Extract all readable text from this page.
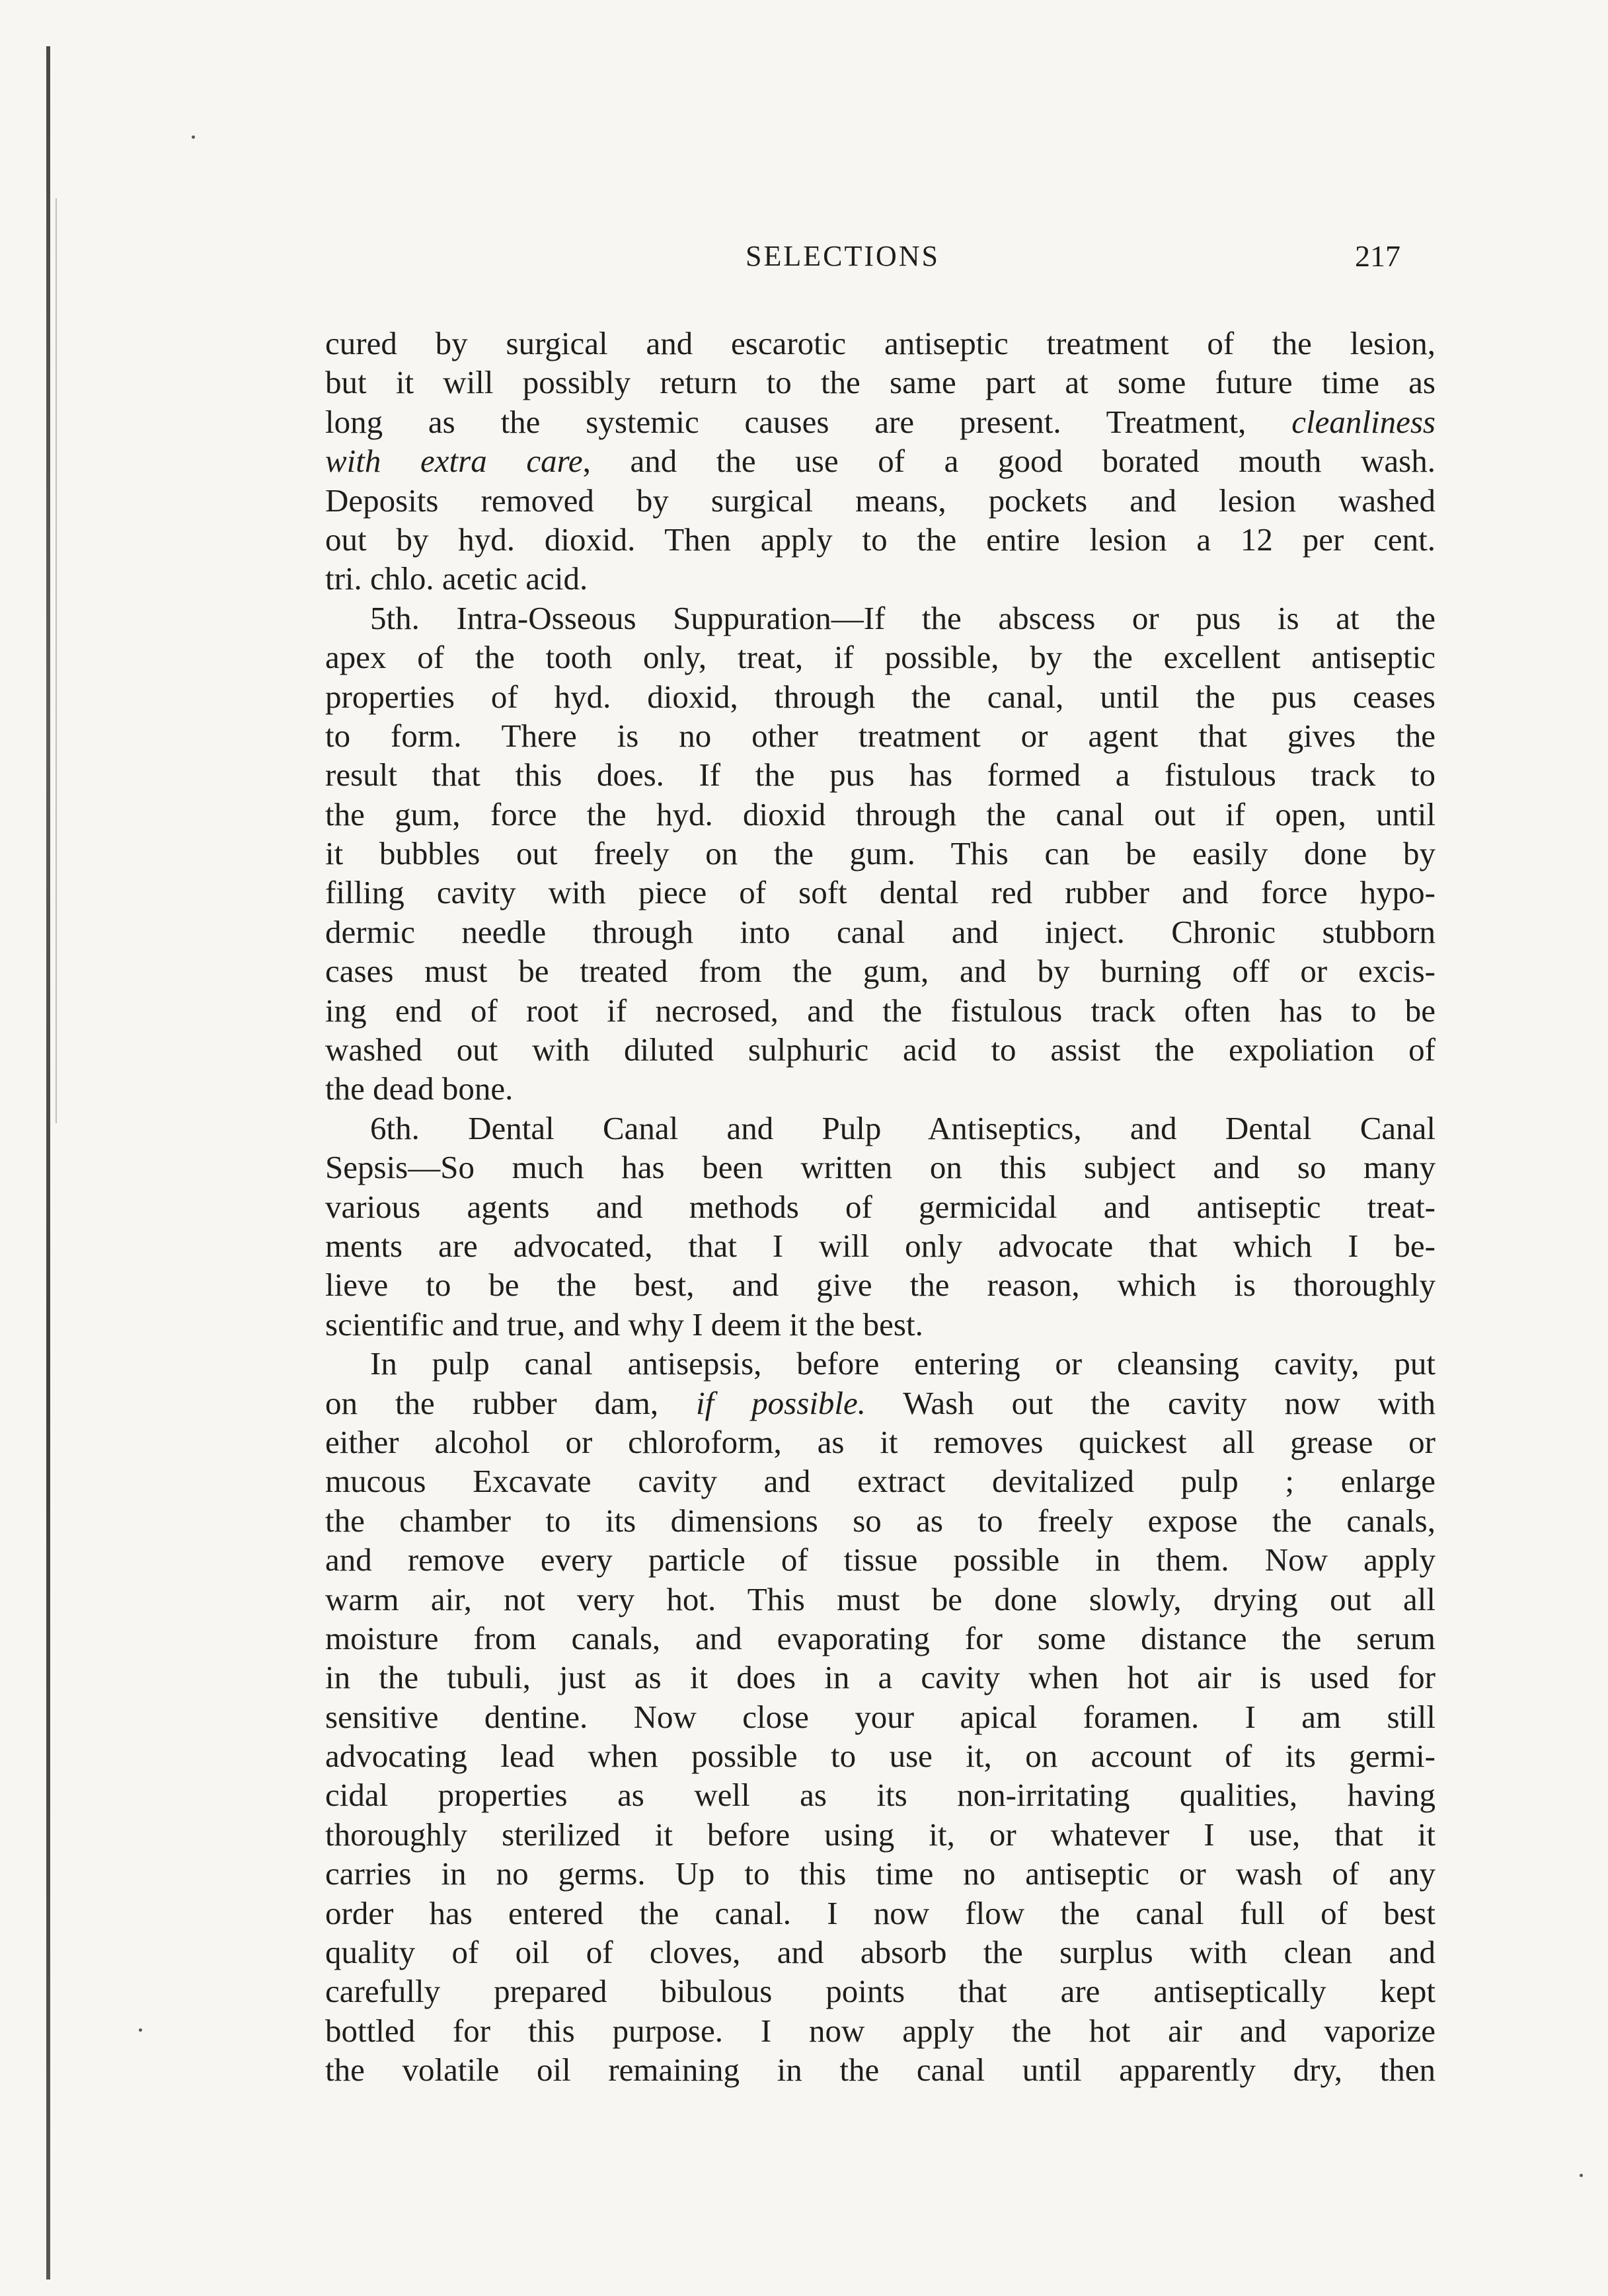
SELECTIONS	217
cured by surgical and escarotic antiseptic treatment of the lesion,
but it will possibly return to the same part at some future time as
long as the systemic causes are present. Treatment, cleanliness
with extra care, and the use of a good borated mouth wash.
Deposits removed by surgical means, pockets and lesion washed
out by hyd. dioxid. Then apply to the entire lesion a 12 per cent.
tri. chlo. acetic acid.
5th. Intra-Osseous Suppuration—If the abscess or pus is at the
apex of the tooth only, treat, if possible, by the excellent antiseptic
properties of hyd. dioxid, through the canal, until the pus ceases
to form. There is no other treatment or agent that gives the
result that this does. If the pus has formed a fistulous track to
the gum, force the hyd. dioxid through the canal out if open, until
it bubbles out freely on the gum. This can be easily done by
filling cavity with piece of soft dental red rubber and force hypo-
dermic needle through into canal and inject. Chronic stubborn
cases must be treated from the gum, and by burning off or excis-
ing end of root if necrosed, and the fistulous track often has to be
washed out with diluted sulphuric acid to assist the expoliation of
the dead bone.
6th. Dental Canal and Pulp Antiseptics, and Dental Canal
Sepsis—So much has been written on this subject and so many
various agents and methods of germicidal and antiseptic treat-
ments are advocated, that I will only advocate that which I be-
lieve to be the best, and give the reason, which is thoroughly
scientific and true, and why I deem it the best.
In pulp canal antisepsis, before entering or cleansing cavity, put
on the rubber dam, if possible. Wash out the cavity now with
either alcohol or chloroform, as it removes quickest all grease or
mucous Excavate cavity and extract devitalized pulp ; enlarge
the chamber to its dimensions so as to freely expose the canals,
and remove every particle of tissue possible in them. Now apply
warm air, not very hot. This must be done slowly, drying out all
moisture from canals, and evaporating for some distance the serum
in the tubuli, just as it does in a cavity when hot air is used for
sensitive dentine. Now close your apical foramen. I am still
advocating lead when possible to use it, on account of its germi-
cidal properties as well as its non-irritating qualities, having
thoroughly sterilized it before using it, or whatever I use, that it
carries in no germs. Up to this time no antiseptic or wash of any
order has entered the canal. I now flow the canal full of best
quality of oil of cloves, and absorb the surplus with clean and
carefully prepared bibulous points that are antiseptically kept
bottled for this purpose. I now apply the hot air and vaporize
the volatile oil remaining in the canal until apparently dry, then
